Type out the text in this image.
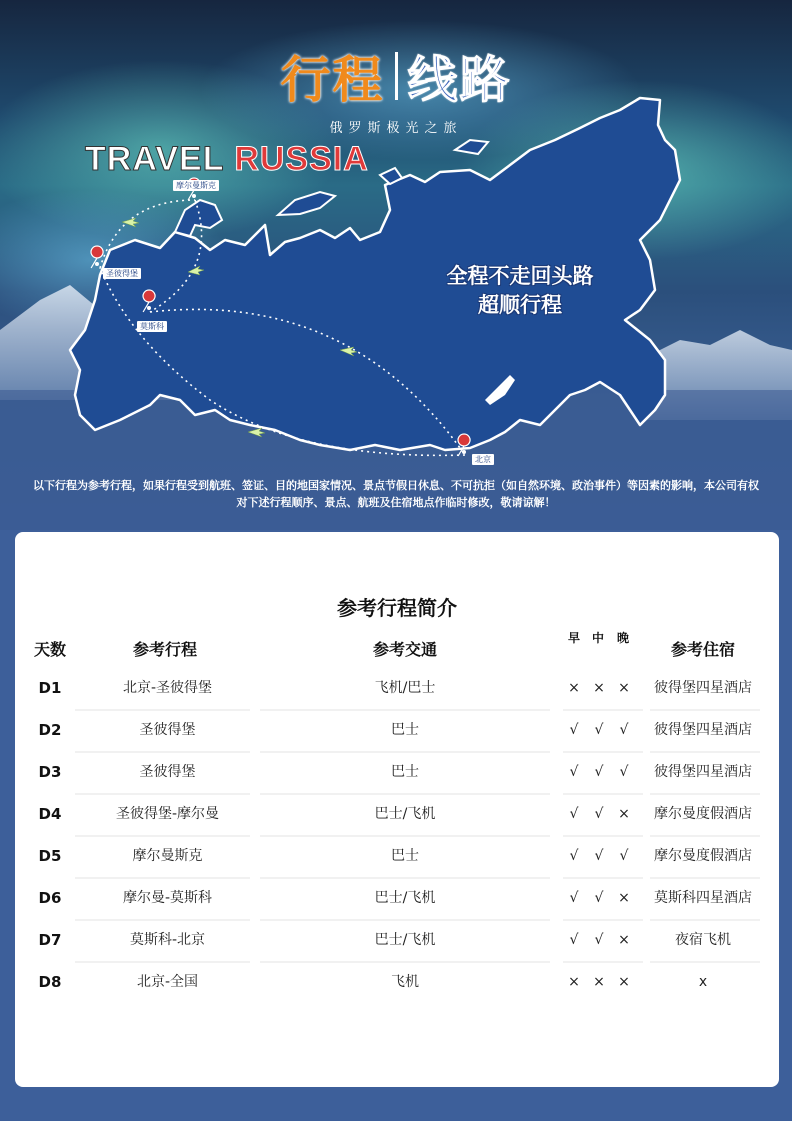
行程 线路
俄罗斯极光之旅
TRAVEL RUSSIA
摩尔曼斯克
圣彼得堡
莫斯科
北京
全程不走回头路
超顺行程
以下行程为参考行程，如果行程受到航班、签证、目的地国家情况、景点节假日休息、不可抗拒（如自然环境、政治事件）等因素的影响，本公司有权对下述行程顺序、景点、航班及住宿地点作临时修改，敬请谅解！
参考行程简介
早 中 晚
天数	参考行程	参考交通	参考住宿
D1	北京-圣彼得堡	飞机/巴士	× × ×	彼得堡四星酒店
D2	圣彼得堡	巴士	√	√	√	彼得堡四星酒店
D3	圣彼得堡	巴士	√	√	√	彼得堡四星酒店
D4	圣彼得堡-摩尔曼	巴士/飞机	√	√	×	摩尔曼度假酒店
D5	摩尔曼斯克	巴士	√	√	√	摩尔曼度假酒店
D6	摩尔曼-莫斯科	巴士/飞机	√	√	×	莫斯科四星酒店
D7	莫斯科-北京	巴士/飞机	√	√	×	夜宿飞机
D8	北京-全国	飞机	× × ×	x
